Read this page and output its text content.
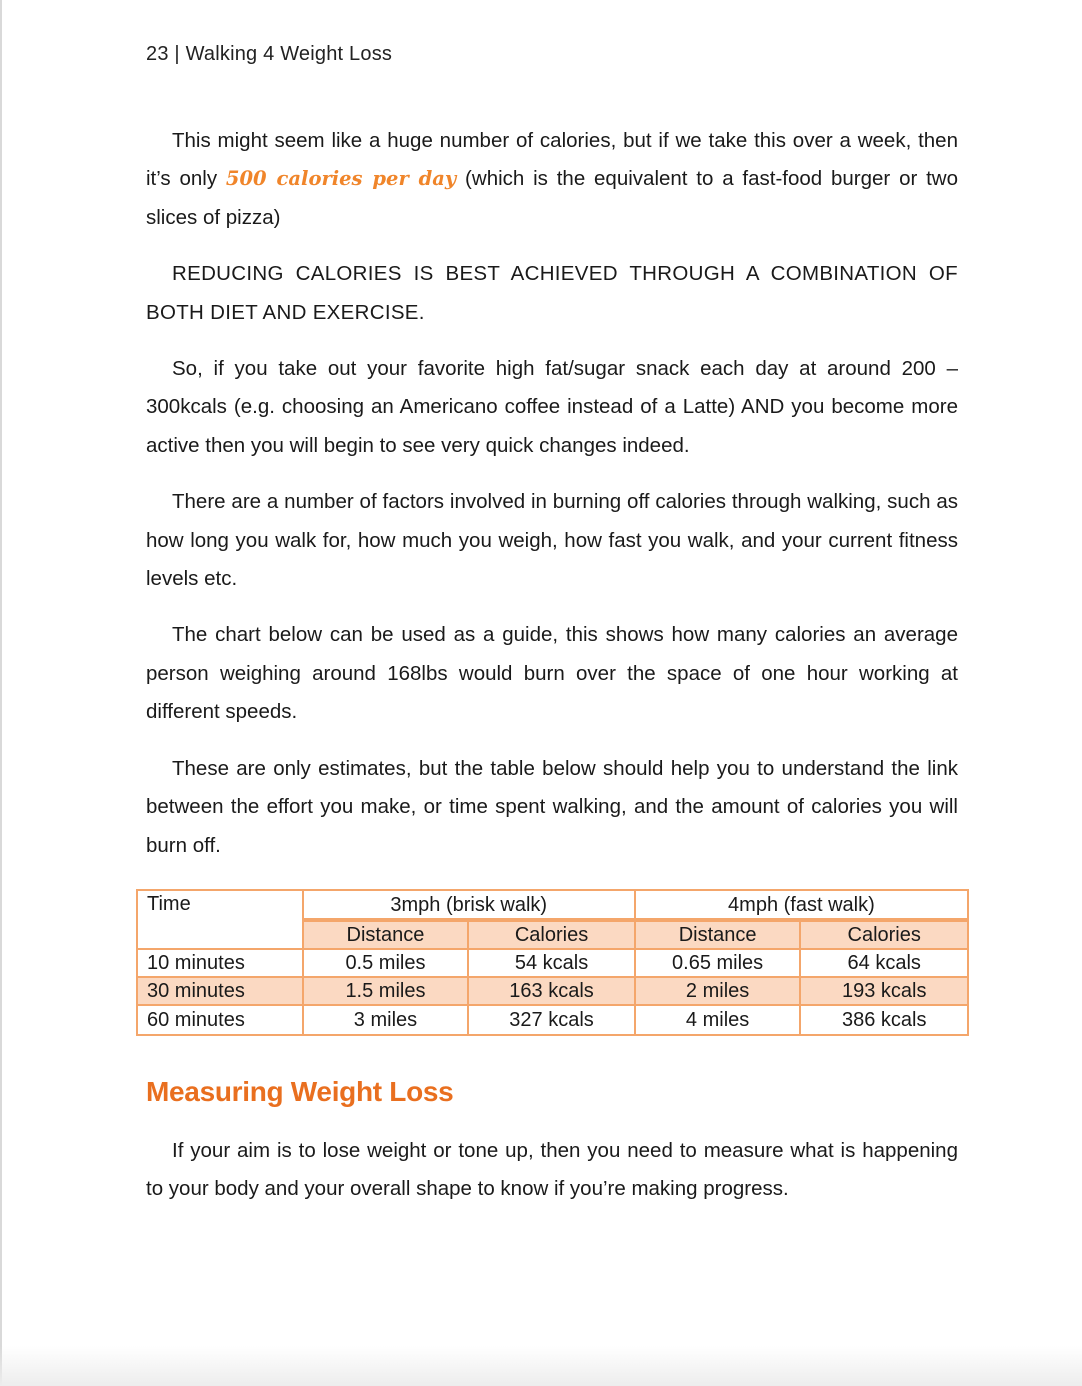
23 | Walking 4 Weight Loss

This might seem like a huge number of calories, but if we take this over a week, then it’s only 500 calories per day (which is the equivalent to a fast-food burger or two slices of pizza)

REDUCING CALORIES IS BEST ACHIEVED THROUGH A COMBINATION OF BOTH DIET AND EXERCISE.

So, if you take out your favorite high fat/sugar snack each day at around 200 – 300kcals (e.g. choosing an Americano coffee instead of a Latte) AND you become more active then you will begin to see very quick changes indeed.

There are a number of factors involved in burning off calories through walking, such as how long you walk for, how much you weigh, how fast you walk, and your current fitness levels etc.

The chart below can be used as a guide, this shows how many calories an average person weighing around 168lbs would burn over the space of one hour working at different speeds.

These are only estimates, but the table below should help you to understand the link between the effort you make, or time spent walking, and the amount of calories you will burn off.

Time	3mph (brisk walk)		4mph (fast walk)	
	Distance	Calories	Distance	Calories
10 minutes	0.5 miles	54 kcals	0.65 miles	64 kcals
30 minutes	1.5 miles	163 kcals	2 miles	193 kcals
60 minutes	3 miles	327 kcals	4 miles	386 kcals
Measuring Weight Loss

If your aim is to lose weight or tone up, then you need to measure what is happening to your body and your overall shape to know if you’re making progress.
